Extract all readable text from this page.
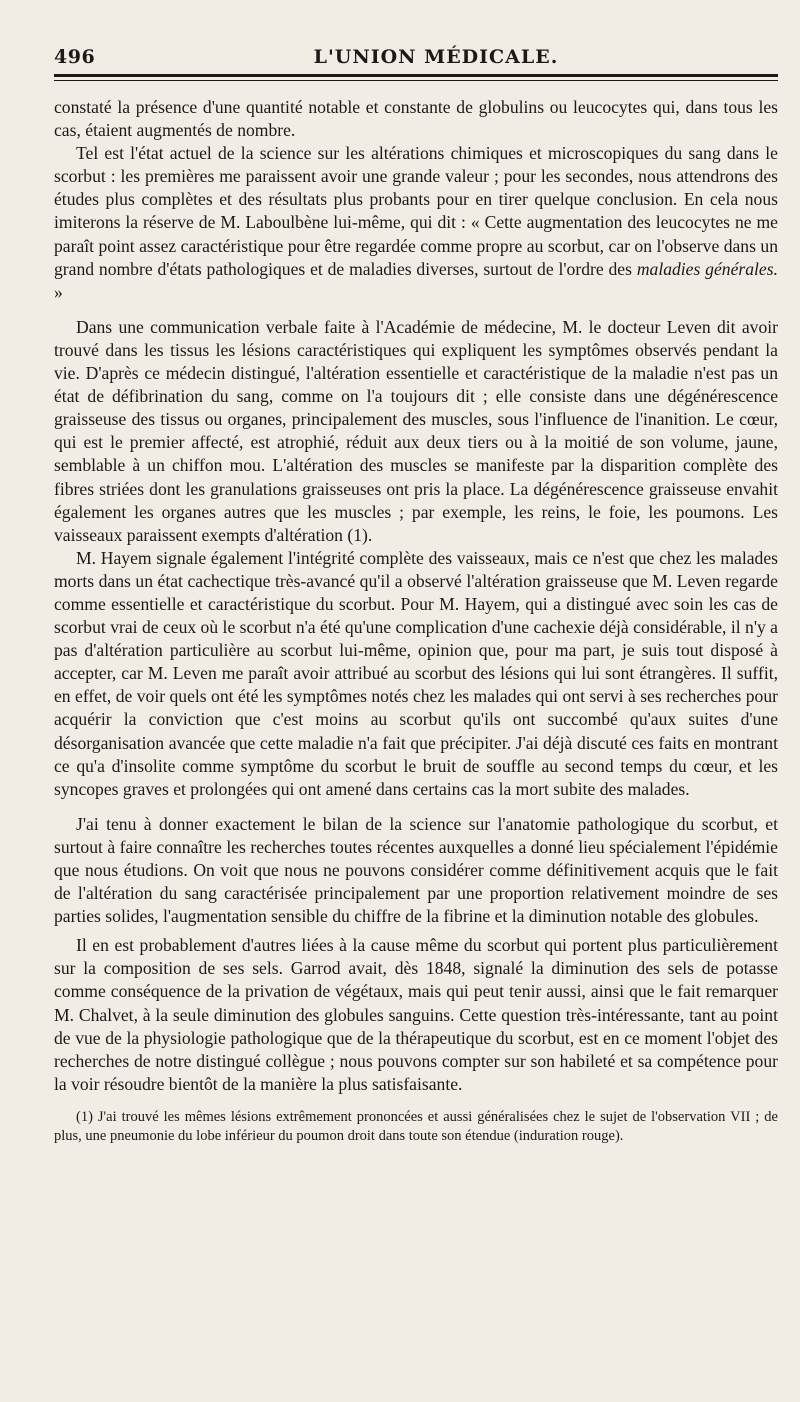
496	L'UNION MÉDICALE.

constaté la présence d'une quantité notable et constante de globulins ou leucocytes qui, dans tous les cas, étaient augmentés de nombre.

Tel est l'état actuel de la science sur les altérations chimiques et microscopiques du sang dans le scorbut : les premières me paraissent avoir une grande valeur ; pour les secondes, nous attendrons des études plus complètes et des résultats plus probants pour en tirer quelque conclusion. En cela nous imiterons la réserve de M. Laboulbène lui-même, qui dit : « Cette augmentation des leucocytes ne me paraît point assez caractéristique pour être regardée comme propre au scorbut, car on l'observe dans un grand nombre d'états pathologiques et de maladies diverses, surtout de l'ordre des maladies générales. »

Dans une communication verbale faite à l'Académie de médecine, M. le docteur Leven dit avoir trouvé dans les tissus les lésions caractéristiques qui expliquent les symptômes observés pendant la vie. D'après ce médecin distingué, l'altération essentielle et caractéristique de la maladie n'est pas un état de défibrination du sang, comme on l'a toujours dit ; elle consiste dans une dégénérescence graisseuse des tissus ou organes, principalement des muscles, sous l'influence de l'inanition. Le cœur, qui est le premier affecté, est atrophié, réduit aux deux tiers ou à la moitié de son volume, jaune, semblable à un chiffon mou. L'altération des muscles se manifeste par la disparition complète des fibres striées dont les granulations graisseuses ont pris la place. La dégénérescence graisseuse envahit également les organes autres que les muscles ; par exemple, les reins, le foie, les poumons. Les vaisseaux paraissent exempts d'altération (1).

M. Hayem signale également l'intégrité complète des vaisseaux, mais ce n'est que chez les malades morts dans un état cachectique très-avancé qu'il a observé l'altération graisseuse que M. Leven regarde comme essentielle et caractéristique du scorbut. Pour M. Hayem, qui a distingué avec soin les cas de scorbut vrai de ceux où le scorbut n'a été qu'une complication d'une cachexie déjà considérable, il n'y a pas d'altération particulière au scorbut lui-même, opinion que, pour ma part, je suis tout disposé à accepter, car M. Leven me paraît avoir attribué au scorbut des lésions qui lui sont étrangères. Il suffit, en effet, de voir quels ont été les symptômes notés chez les malades qui ont servi à ses recherches pour acquérir la conviction que c'est moins au scorbut qu'ils ont succombé qu'aux suites d'une désorganisation avancée que cette maladie n'a fait que précipiter. J'ai déjà discuté ces faits en montrant ce qu'a d'insolite comme symptôme du scorbut le bruit de souffle au second temps du cœur, et les syncopes graves et prolongées qui ont amené dans certains cas la mort subite des malades.

J'ai tenu à donner exactement le bilan de la science sur l'anatomie pathologique du scorbut, et surtout à faire connaître les recherches toutes récentes auxquelles a donné lieu spécialement l'épidémie que nous étudions. On voit que nous ne pouvons considérer comme définitivement acquis que le fait de l'altération du sang caractérisée principalement par une proportion relativement moindre de ses parties solides, l'augmentation sensible du chiffre de la fibrine et la diminution notable des globules.

Il en est probablement d'autres liées à la cause même du scorbut qui portent plus particulièrement sur la composition de ses sels. Garrod avait, dès 1848, signalé la diminution des sels de potasse comme conséquence de la privation de végétaux, mais qui peut tenir aussi, ainsi que le fait remarquer M. Chalvet, à la seule diminution des globules sanguins. Cette question très-intéressante, tant au point de vue de la physiologie pathologique que de la thérapeutique du scorbut, est en ce moment l'objet des recherches de notre distingué collègue ; nous pouvons compter sur son habileté et sa compétence pour la voir résoudre bientôt de la manière la plus satisfaisante.

(1) J'ai trouvé les mêmes lésions extrêmement prononcées et aussi généralisées chez le sujet de l'observation VII ; de plus, une pneumonie du lobe inférieur du poumon droit dans toute son étendue (induration rouge).
